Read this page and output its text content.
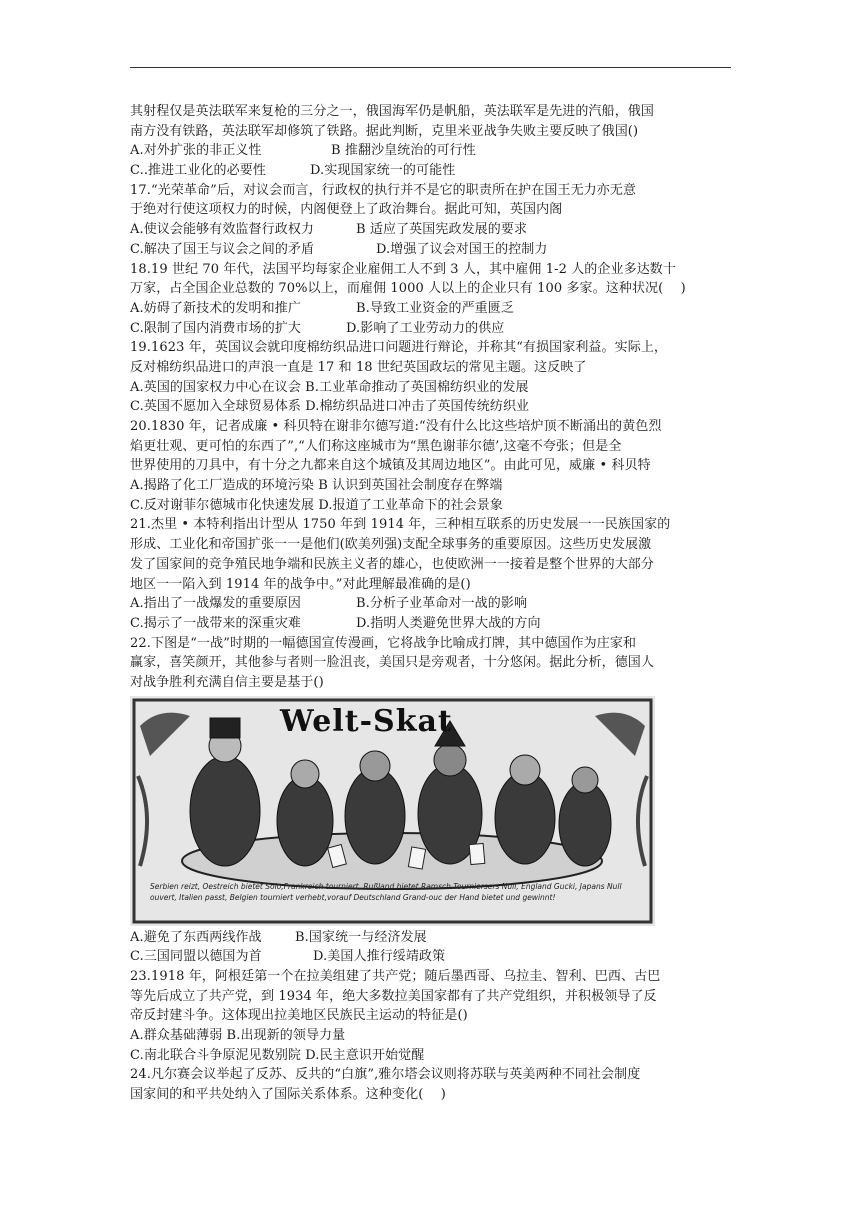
其射程仅是英法联军来复枪的三分之一，俄国海军仍是帆船，英法联军是先进的汽船，俄国
南方没有铁路，英法联军却修筑了铁路。据此判断，克里米亚战争失败主要反映了俄国()
A.对外扩张的非正义性	B 推翻沙皇统治的可行性
C..推进工业化的必要性	D.实现国家统一的可能性
17.“光荣革命”后，对议会而言，行政权的执行并不是它的职责所在护在国王无力亦无意
于绝对行使这项权力的时候，内阁便登上了政治舞台。据此可知，英国内阁
A.使议会能够有效监督行政权力	B 适应了英国宪政发展的要求
C.解决了国王与议会之间的矛盾	D.增强了议会对国王的控制力
18.19 世纪 70 年代，法国平均每家企业雇佣工人不到 3 人，其中雇佣 1-2 人的企业多达数十
万家，占全国企业总数的 70%以上，而雇佣 1000 人以上的企业只有 100 多家。这种状况(　 )
A.妨碍了新技术的发明和推广	B.导致工业资金的严重匮乏
C.限制了国内消费市场的扩大	D.影响了工业劳动力的供应
19.1623 年，英国议会就印度棉纺织品进口问题进行辩论，并称其“有损国家利益。实际上，
反对棉纺织品进口的声浪一直是 17 和 18 世纪英国政坛的常见主题。这反映了
A.英国的国家权力中心在议会 B.工业革命推动了英国棉纺织业的发展
C.英国不愿加入全球贸易体系 D.棉纺织品进口冲击了英国传统纺织业
20.1830 年，记者成廉 • 科贝特在谢非尔德写道:“没有什么比这些培炉顶不断涌出的黄色烈
焰更壮观、更可怕的东西了”,“人们称这座城市为“黑色谢菲尔德’,这毫不夸张；但是全
世界使用的刀具中，有十分之九都来自这个城镇及其周边地区”。由此可见，威廉 • 科贝特
A.揭路了化工厂造成的环境污染 B 认识到英国社会制度存在弊端
C.反对谢菲尔德城市化快速发展 D.报道了工业革命下的社会景象
21.杰里 • 本特利指出计型从 1750 年到 1914 年，三种相互联系的历史发展一一民族国家的
形成、工业化和帝国扩张一一是他们(欧美列强)支配全球事务的重要原因。这些历史发展激
发了国家间的竞争殖民地争端和民族主义者的雄心，也使欧洲一一接着是整个世界的大部分
地区一一陷入到 1914 年的战争中。”对此理解最准确的是()
A.指出了一战爆发的重要原因	B.分析子业革命对一战的影响
C.揭示了一战带来的深重灾难	D.指明人类避免世界大战的方向
22.下图是“一战”时期的一幅德国宣传漫画，它将战争比喻成打牌，其中德国作为庄家和
赢家，喜笑颜开，其他参与者则一脸沮丧，美国只是旁观者，十分悠闲。据此分析，德国人
对战争胜利充满自信主要是基于()
Welt-Skat
Serbien reizt, Oestreich bietet Solo,Frankreich tourniert, Rußland bietet Ramsch Tourniersers Null, England Gucki, Japans Null ouvert, Italien passt, Belgien tourniert verhebt,vorauf Deutschland Grand-ouc der Hand bietet und gewinnt!
A.避免了东西两线作战	B.国家统一与经济发展
C.三国同盟以德国为首	D.美国人推行绥靖政策
23.1918 年，阿根廷第一个在拉美组建了共产党；随后墨西哥、乌拉圭、智利、巴西、古巴
等先后成立了共产党，到 1934 年，绝大多数拉美国家都有了共产党组织，并积极领导了反
帝反封建斗争。这体现出拉美地区民族民主运动的特征是()
A.群众基础薄弱 B.出现新的领导力量
C.南北联合斗争原泥见数别院 D.民主意识开始觉醒
24.凡尔赛会议举起了反苏、反共的“白旗”,雅尔塔会议则将苏联与英美两种不同社会制度
国家间的和平共处纳入了国际关系体系。这种变化(　 )
